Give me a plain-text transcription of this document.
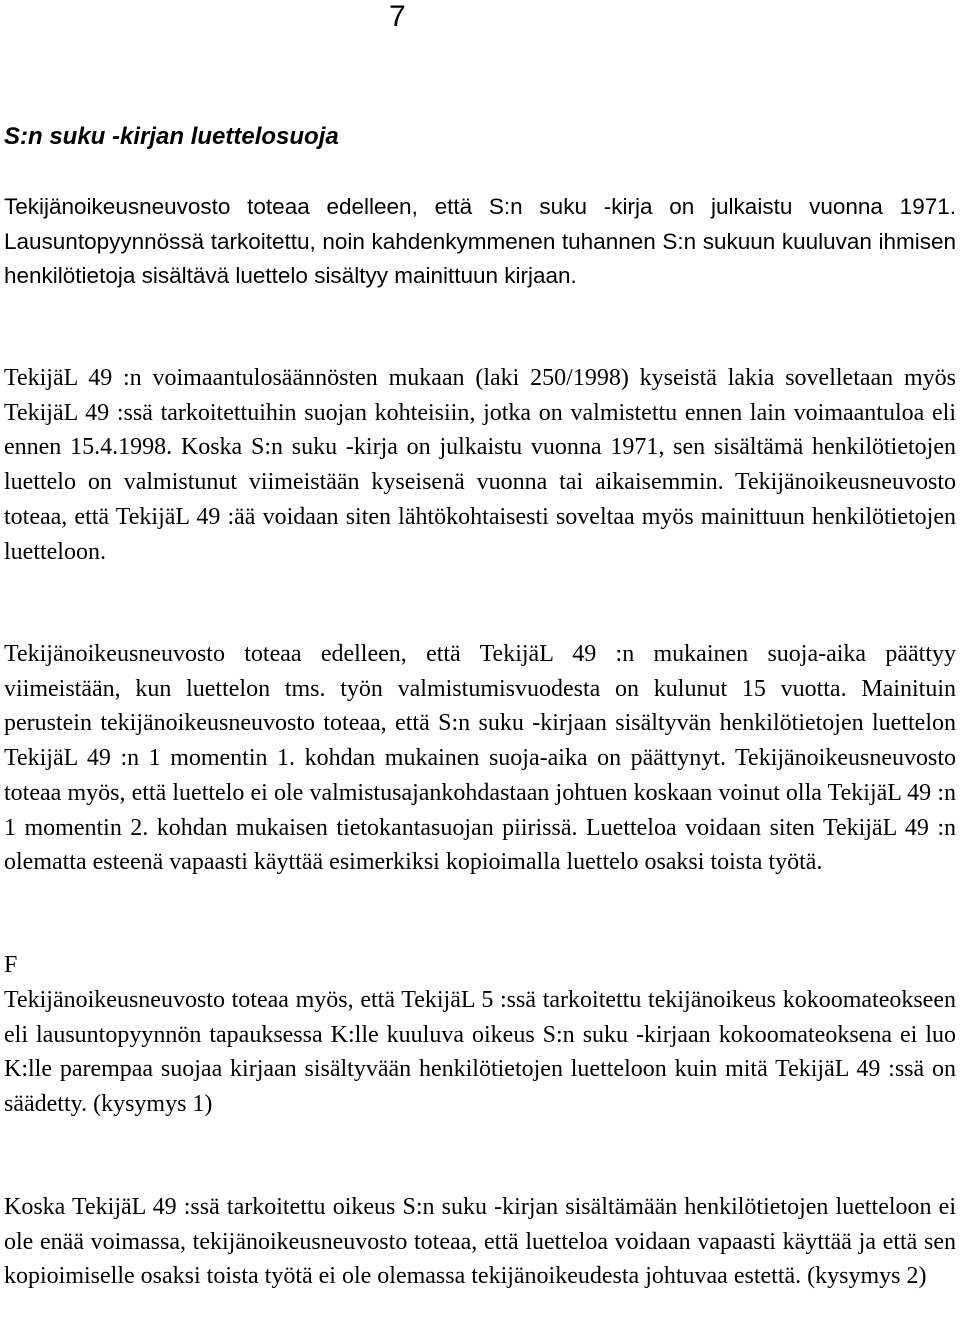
7
S:n suku -kirjan luettelosuoja

Tekijänoikeusneuvosto toteaa edelleen, että S:n suku -kirja on julkaistu vuonna 1971. Lausuntopyynnössä tarkoitettu, noin kahdenkymmenen tuhannen S:n sukuun kuuluvan ihmisen henkilötietoja sisältävä luettelo sisältyy mainittuun kirjaan.

TekijäL 49 :n voimaantulosäännösten mukaan (laki 250/1998) kyseistä lakia sovelletaan myös TekijäL 49 :ssä tarkoitettuihin suojan kohteisiin, jotka on valmistettu ennen lain voimaantuloa eli ennen 15.4.1998. Koska S:n suku -kirja on julkaistu vuonna 1971, sen sisältämä henkilötietojen luettelo on valmistunut viimeistään kyseisenä vuonna tai aikaisemmin. Tekijänoikeusneuvosto toteaa, että TekijäL 49 :ää voidaan siten lähtökohtaisesti soveltaa myös mainittuun henkilötietojen luetteloon.

Tekijänoikeusneuvosto toteaa edelleen, että TekijäL 49 :n mukainen suoja-aika päättyy viimeistään, kun luettelon tms. työn valmistumisvuodesta on kulunut 15 vuotta. Mainituin perustein tekijänoikeusneuvosto toteaa, että S:n suku -kirjaan sisältyvän henkilötietojen luettelon TekijäL 49 :n 1 momentin 1. kohdan mukainen suoja-aika on päättynyt. Tekijänoikeusneuvosto toteaa myös, että luettelo ei ole valmistusajankohdastaan johtuen koskaan voinut olla TekijäL 49 :n 1 momentin 2. kohdan mukaisen tietokantasuojan piirissä. Luetteloa voidaan siten TekijäL 49 :n olematta esteenä vapaasti käyttää esimerkiksi kopioimalla luettelo osaksi toista työtä.

F

Tekijänoikeusneuvosto toteaa myös, että TekijäL 5 :ssä tarkoitettu tekijänoikeus kokoomateokseen eli lausuntopyynnön tapauksessa K:lle kuuluva oikeus S:n suku -kirjaan kokoomateoksena ei luo K:lle parempaa suojaa kirjaan sisältyvään henkilötietojen luetteloon kuin mitä TekijäL 49 :ssä on säädetty. (kysymys 1)

Koska TekijäL 49 :ssä tarkoitettu oikeus S:n suku -kirjan sisältämään henkilötietojen luetteloon ei ole enää voimassa, tekijänoikeusneuvosto toteaa, että luetteloa voidaan vapaasti käyttää ja että sen kopioimiselle osaksi toista työtä ei ole olemassa tekijänoikeudesta johtuvaa estettä. (kysymys 2)
